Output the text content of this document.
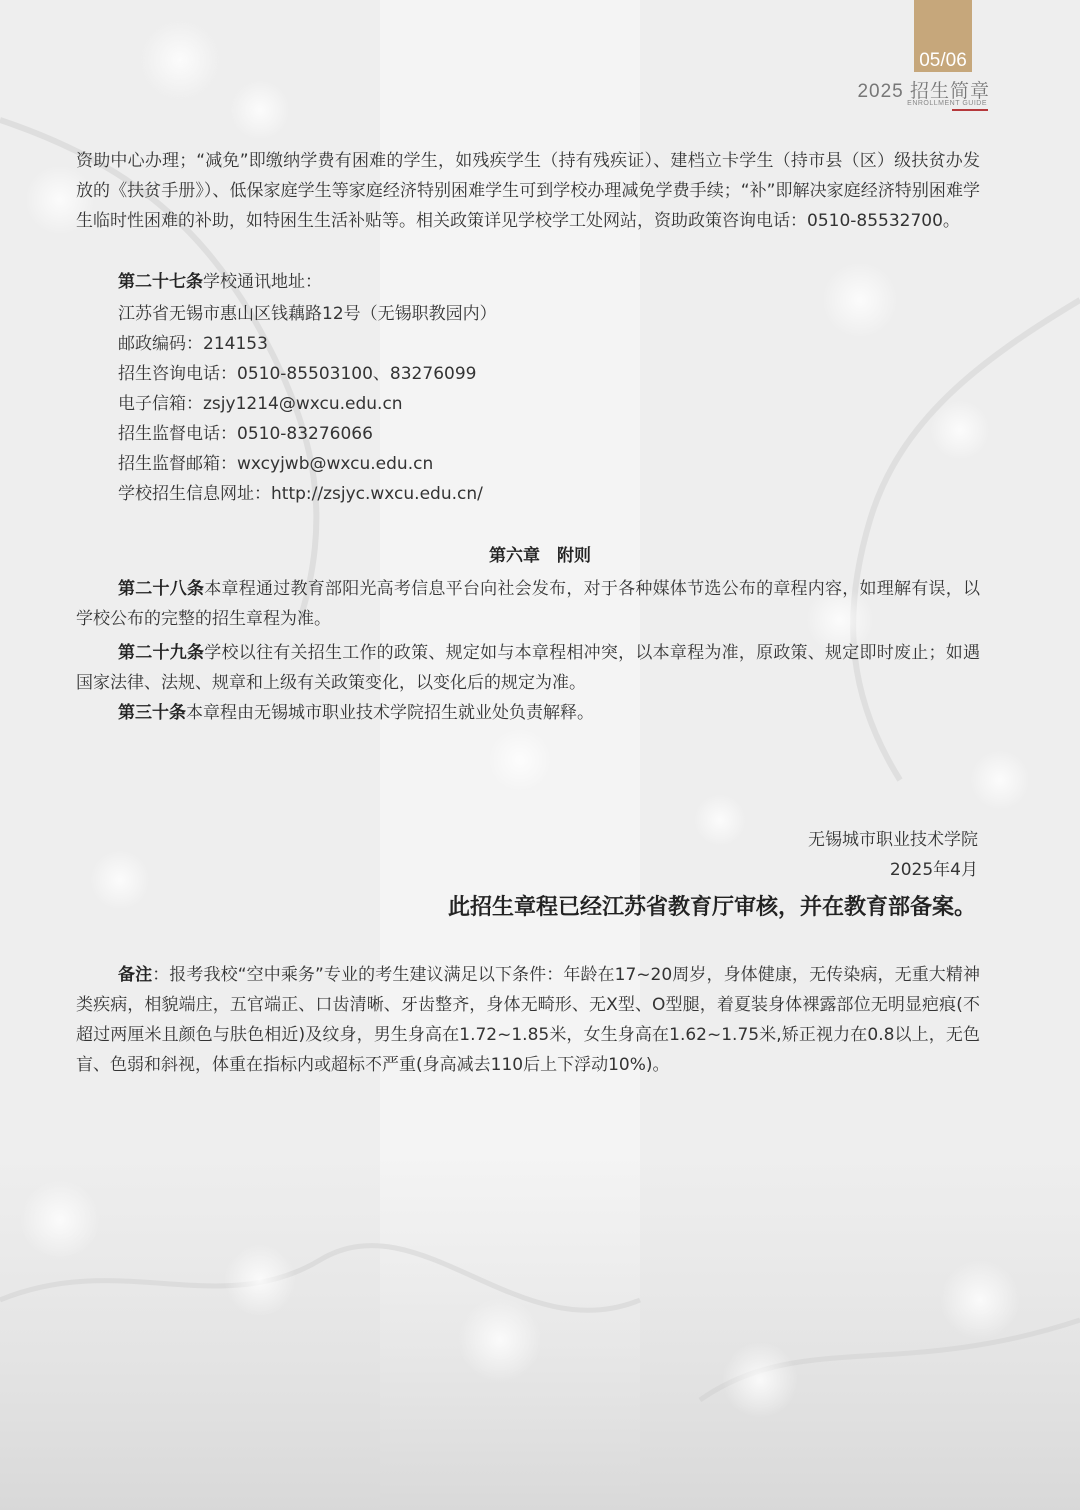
05/06
2025 招生简章
ENROLLMENT GUIDE

资助中心办理；“减免”即缴纳学费有困难的学生，如残疾学生（持有残疾证）、建档立卡学生（持市县（区）级扶贫办发放的《扶贫手册》）、低保家庭学生等家庭经济特别困难学生可到学校办理减免学费手续；“补”即解决家庭经济特别困难学生临时性困难的补助，如特困生生活补贴等。相关政策详见学校学工处网站，资助政策咨询电话：0510-85532700。

第二十七条学校通讯地址：
江苏省无锡市惠山区钱藕路12号（无锡职教园内）
邮政编码：214153
招生咨询电话：0510-85503100、83276099
电子信箱：zsjy1214@wxcu.edu.cn
招生监督电话：0510-83276066
招生监督邮箱：wxcyjwb@wxcu.edu.cn
学校招生信息网址：http://zsjyc.wxcu.edu.cn/
第六章　附则

第二十八条本章程通过教育部阳光高考信息平台向社会发布，对于各种媒体节选公布的章程内容，如理解有误，以学校公布的完整的招生章程为准。

第二十九条学校以往有关招生工作的政策、规定如与本章程相冲突，以本章程为准，原政策、规定即时废止；如遇国家法律、法规、规章和上级有关政策变化，以变化后的规定为准。

第三十条本章程由无锡城市职业技术学院招生就业处负责解释。

无锡城市职业技术学院
2025年4月
此招生章程已经江苏省教育厅审核，并在教育部备案。

备注：报考我校“空中乘务”专业的考生建议满足以下条件：年龄在17~20周岁，身体健康，无传染病，无重大精神类疾病，相貌端庄，五官端正、口齿清晰、牙齿整齐，身体无畸形、无X型、O型腿，着夏装身体裸露部位无明显疤痕(不超过两厘米且颜色与肤色相近)及纹身，男生身高在1.72~1.85米，女生身高在1.62~1.75米,矫正视力在0.8以上，无色盲、色弱和斜视，体重在指标内或超标不严重(身高减去110后上下浮动10%)。
